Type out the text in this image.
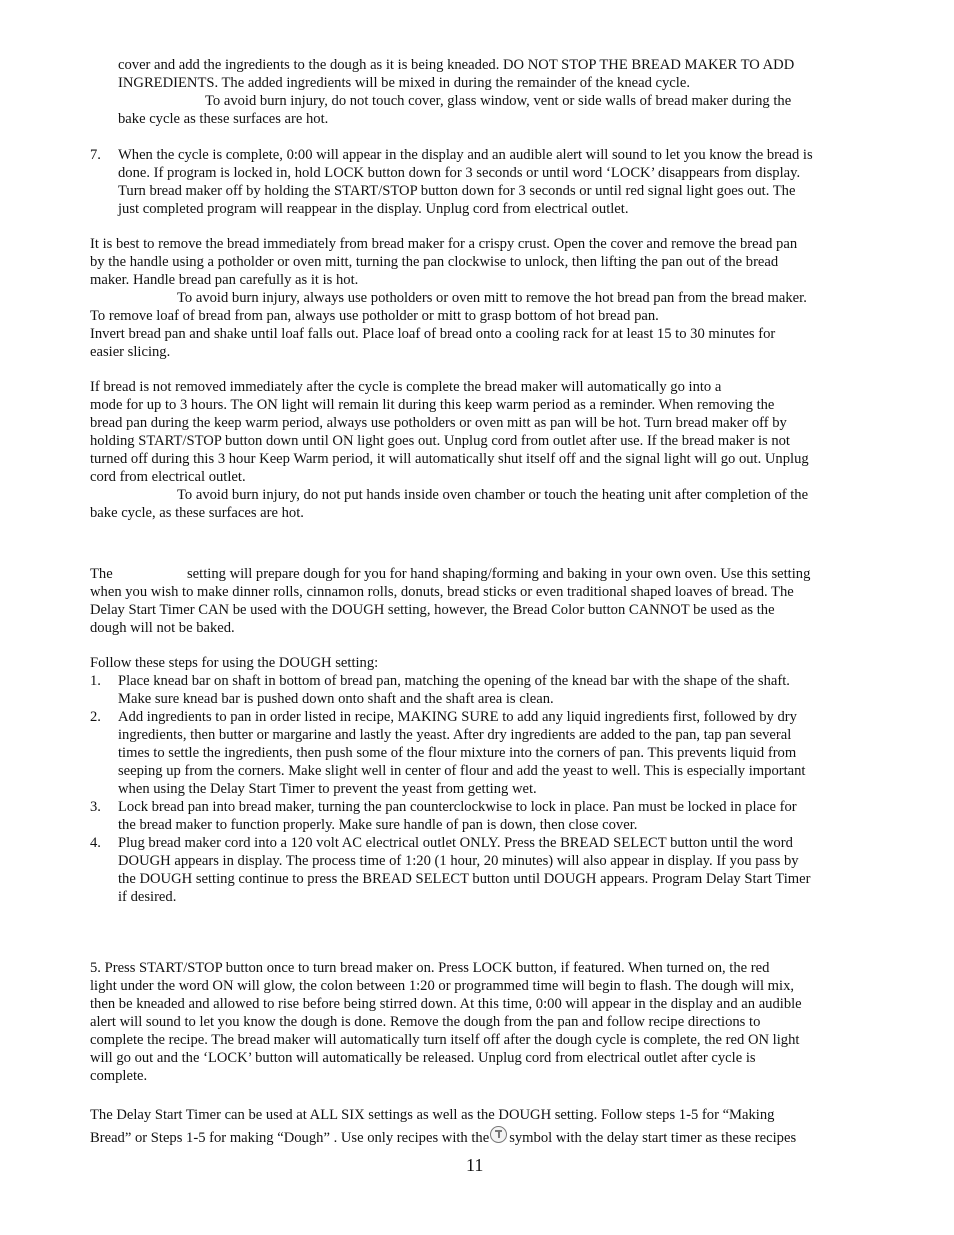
cover and add the ingredients to the dough as it is being kneaded. DO NOT STOP THE BREAD MAKER TO ADD
INGREDIENTS. The added ingredients will be mixed in during the remainder of the knead cycle.
To avoid burn injury, do not touch cover, glass window, vent or side walls of bread maker during the
bake cycle as these surfaces are hot.
7. When the cycle is complete, 0:00 will appear in the display and an audible alert will sound to let you know the bread is
done. If program is locked in, hold LOCK button down for 3 seconds or until word ‘LOCK’ disappears from display.
Turn bread maker off by holding the START/STOP button down for 3 seconds or until red signal light goes out. The
just completed program will reappear in the display. Unplug cord from electrical outlet.
It is best to remove the bread immediately from bread maker for a crispy crust. Open the cover and remove the bread pan
by the handle using a potholder or oven mitt, turning the pan clockwise to unlock, then lifting the pan out of the bread
maker. Handle bread pan carefully as it is hot.
To avoid burn injury, always use potholders or oven mitt to remove the hot bread pan from the bread maker.
To remove loaf of bread from pan, always use potholder or mitt to grasp bottom of hot bread pan.
Invert bread pan and shake until loaf falls out. Place loaf of bread onto a cooling rack for at least 15 to 30 minutes for
easier slicing.
If bread is not removed immediately after the cycle is complete the bread maker will automatically go into a
mode for up to 3 hours. The ON light will remain lit during this keep warm period as a reminder. When removing the
bread pan during the keep warm period, always use potholders or oven mitt as pan will be hot. Turn bread maker off by
holding START/STOP button down until ON light goes out. Unplug cord from outlet after use. If the bread maker is not
turned off during this 3 hour Keep Warm period, it will automatically shut itself off and the signal light will go out. Unplug
cord from electrical outlet.
To avoid burn injury, do not put hands inside oven chamber or touch the heating unit after completion of the
bake cycle, as these surfaces are hot.
The	setting will prepare dough for you for hand shaping/forming and baking in your own oven. Use this setting
when you wish to make dinner rolls, cinnamon rolls, donuts, bread sticks or even traditional shaped loaves of bread. The
Delay Start Timer CAN be used with the DOUGH setting, however, the Bread Color button CANNOT be used as the
dough will not be baked.
Follow these steps for using the DOUGH setting:
1. Place knead bar on shaft in bottom of bread pan, matching the opening of the knead bar with the shape of the shaft.
Make sure knead bar is pushed down onto shaft and the shaft area is clean.
2. Add ingredients to pan in order listed in recipe, MAKING SURE to add any liquid ingredients first, followed by dry
ingredients, then butter or margarine and lastly the yeast. After dry ingredients are added to the pan, tap pan several
times to settle the ingredients, then push some of the flour mixture into the corners of pan. This prevents liquid from
seeping up from the corners. Make slight well in center of flour and add the yeast to well. This is especially important
when using the Delay Start Timer to prevent the yeast from getting wet.
3. Lock bread pan into bread maker, turning the pan counterclockwise to lock in place. Pan must be locked in place for
the bread maker to function properly. Make sure handle of pan is down, then close cover.
4. Plug bread maker cord into a 120 volt AC electrical outlet ONLY. Press the BREAD SELECT button until the word
DOUGH appears in display. The process time of 1:20 (1 hour, 20 minutes) will also appear in display. If you pass by
the DOUGH setting continue to press the BREAD SELECT button until DOUGH appears. Program Delay Start Timer
if desired.
5. Press START/STOP button once to turn bread maker on. Press LOCK button, if featured. When turned on, the red
light under the word ON will glow, the colon between 1:20 or programmed time will begin to flash. The dough will mix,
then be kneaded and allowed to rise before being stirred down. At this time, 0:00 will appear in the display and an audible
alert will sound to let you know the dough is done. Remove the dough from the pan and follow recipe directions to
complete the recipe. The bread maker will automatically turn itself off after the dough cycle is complete, the red ON light
will go out and the ‘LOCK’ button will automatically be released. Unplug cord from electrical outlet after cycle is
complete.
The Delay Start Timer can be used at ALL SIX settings as well as the DOUGH setting. Follow steps 1-5 for “Making
Bread” or Steps 1-5 for making “Dough” . Use only recipes with the symbol with the delay start timer as these recipes
11
